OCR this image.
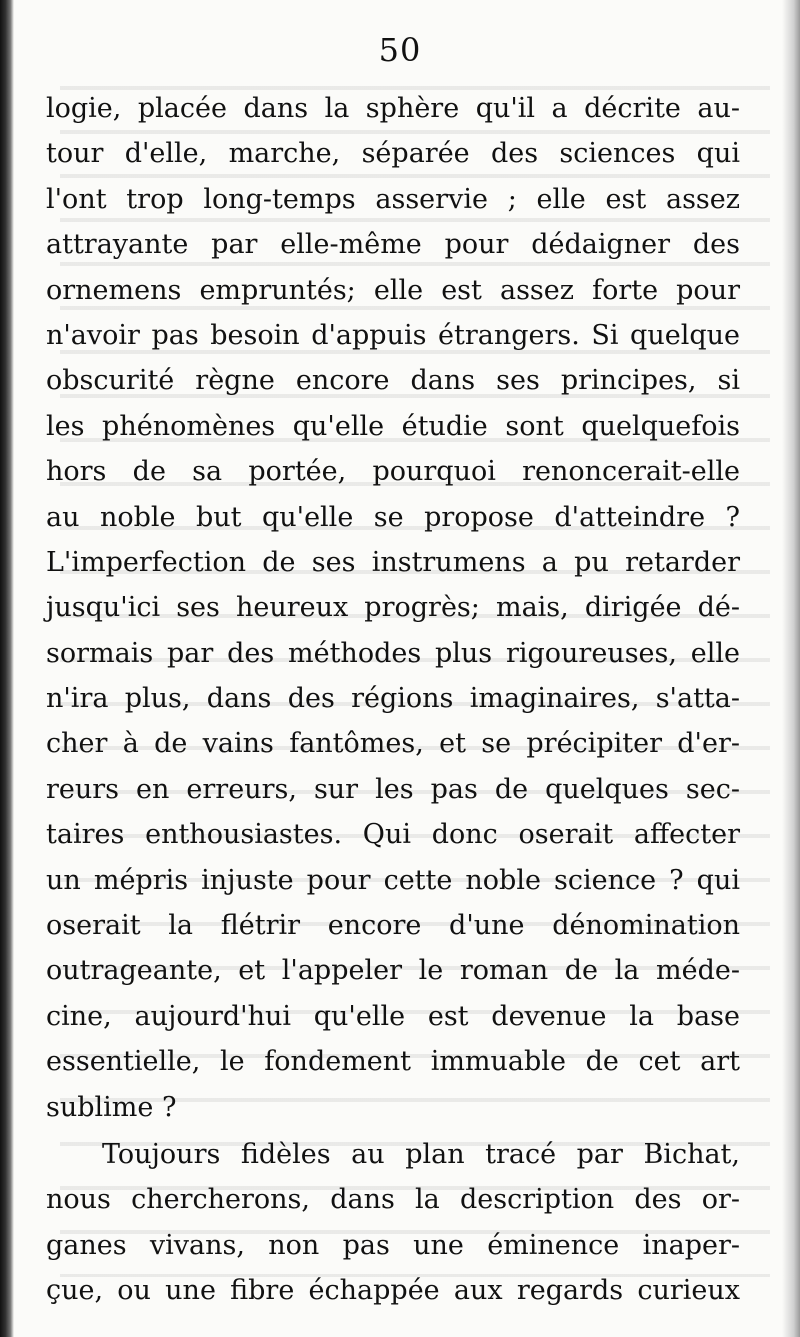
50
logie, placée dans la sphère qu'il a décrite au-
tour d'elle, marche, séparée des sciences qui
l'ont trop long-temps asservie ; elle est assez
attrayante par elle-même pour dédaigner des
ornemens empruntés; elle est assez forte pour
n'avoir pas besoin d'appuis étrangers. Si quelque
obscurité règne encore dans ses principes, si
les phénomènes qu'elle étudie sont quelquefois
hors de sa portée, pourquoi renoncerait-elle
au noble but qu'elle se propose d'atteindre ?
L'imperfection de ses instrumens a pu retarder
jusqu'ici ses heureux progrès; mais, dirigée dé-
sormais par des méthodes plus rigoureuses, elle
n'ira plus, dans des régions imaginaires, s'atta-
cher à de vains fantômes, et se précipiter d'er-
reurs en erreurs, sur les pas de quelques sec-
taires enthousiastes. Qui donc oserait affecter
un mépris injuste pour cette noble science ? qui
oserait la flétrir encore d'une dénomination
outrageante, et l'appeler le roman de la méde-
cine, aujourd'hui qu'elle est devenue la base
essentielle, le fondement immuable de cet art
sublime ?
Toujours fidèles au plan tracé par Bichat,
nous chercherons, dans la description des or-
ganes vivans, non pas une éminence inaper-
çue, ou une fibre échappée aux regards curieux
